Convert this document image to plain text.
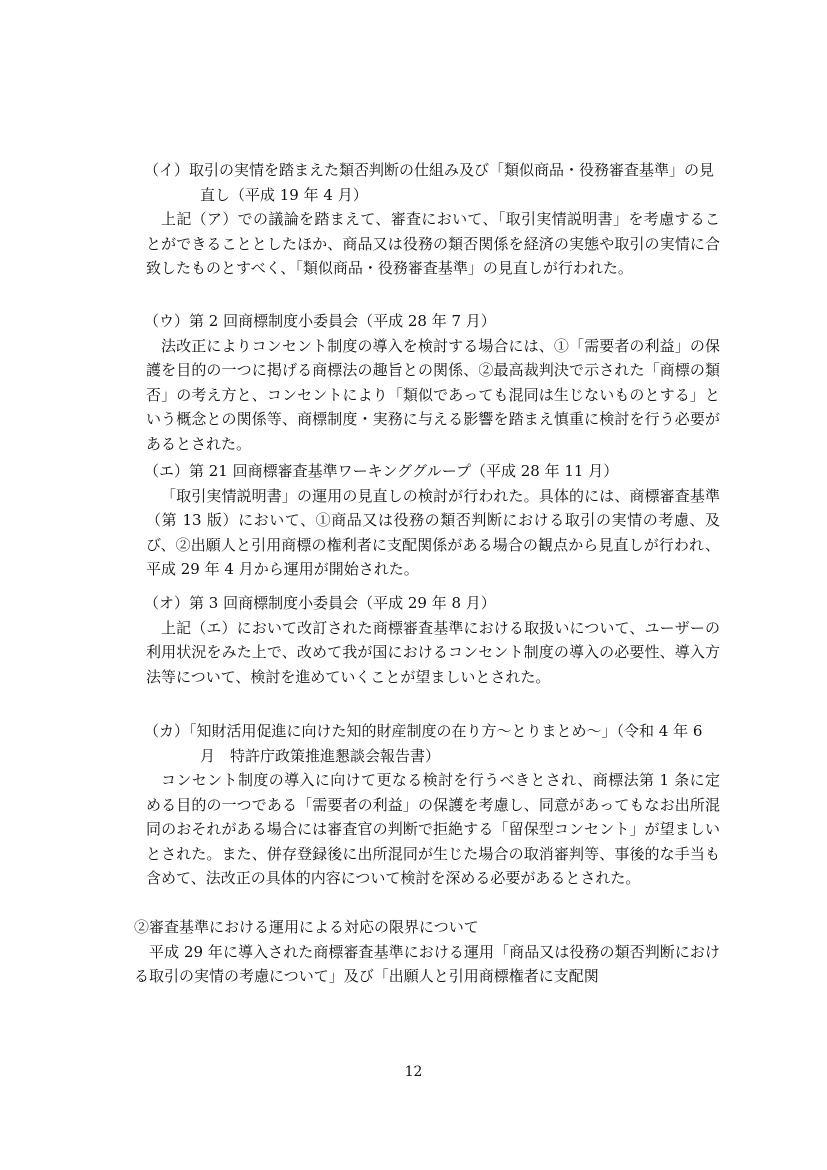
（イ）取引の実情を踏まえた類否判断の仕組み及び「類似商品・役務審査基準」の見直し（平成 19 年 4 月）

上記（ア）での議論を踏まえて、審査において、「取引実情説明書」を考慮することができることとしたほか、商品又は役務の類否関係を経済の実態や取引の実情に合致したものとすべく、「類似商品・役務審査基準」の見直しが行われた。

（ウ）第 2 回商標制度小委員会（平成 28 年 7 月）

法改正によりコンセント制度の導入を検討する場合には、①「需要者の利益」の保護を目的の一つに掲げる商標法の趣旨との関係、②最高裁判決で示された「商標の類否」の考え方と、コンセントにより「類似であっても混同は生じないものとする」という概念との関係等、商標制度・実務に与える影響を踏まえ慎重に検討を行う必要があるとされた。

（エ）第 21 回商標審査基準ワーキンググループ（平成 28 年 11 月）

「取引実情説明書」の運用の見直しの検討が行われた。具体的には、商標審査基準（第 13 版）において、①商品又は役務の類否判断における取引の実情の考慮、及び、②出願人と引用商標の権利者に支配関係がある場合の観点から見直しが行われ、平成 29 年 4 月から運用が開始された。

（オ）第 3 回商標制度小委員会（平成 29 年 8 月）

上記（エ）において改訂された商標審査基準における取扱いについて、ユーザーの利用状況をみた上で、改めて我が国におけるコンセント制度の導入の必要性、導入方法等について、検討を進めていくことが望ましいとされた。

（カ）「知財活用促進に向けた知的財産制度の在り方〜とりまとめ〜」（令和 4 年 6 月　特許庁政策推進懇談会報告書）

コンセント制度の導入に向けて更なる検討を行うべきとされ、商標法第 1 条に定める目的の一つである「需要者の利益」の保護を考慮し、同意があってもなお出所混同のおそれがある場合には審査官の判断で拒絶する「留保型コンセント」が望ましいとされた。また、併存登録後に出所混同が生じた場合の取消審判等、事後的な手当も含めて、法改正の具体的内容について検討を深める必要があるとされた。

②審査基準における運用による対応の限界について

平成 29 年に導入された商標審査基準における運用「商品又は役務の類否判断における取引の実情の考慮について」及び「出願人と引用商標権者に支配関

12
